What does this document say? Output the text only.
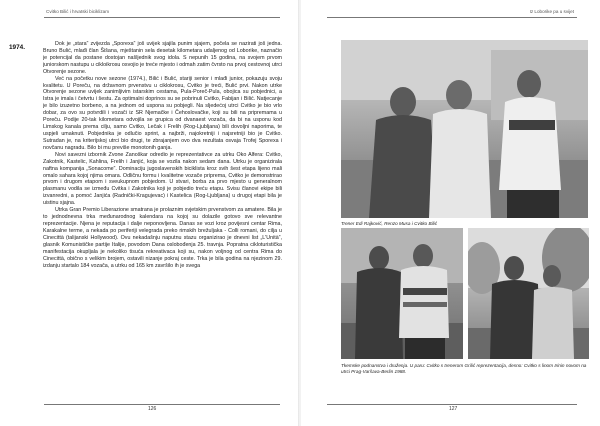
Cvitko Bilić i hrvatski biciklizam
1974.	Dok je „stara“ zvijezda „Sporexa“ još uvijek sjajila punim sjajem, počela se nazirati još jedna. Bruno Bulić, mlađi član Šišana, mještanin sela desetak kilometara udaljenog od Loborike, naznačio je potencijal da postane dostojan našljednik svog idola. S nepunih 15 godina, na svojem prvom juniorskom nastupu u cikloikrosu osvojio je treće mjesto i odmah zatim čvrsto na prvoj cestovnoj utrci Otvorenje sezone.

Već na početku nove sezone (1974.), Bilić i Bulić, stariji senior i mlađi junior, pokazuju svoju kvalitetu. U Poreču, na državnom prvenstvu u ciklokrosu, Cvitko je treći, Bulić prvi. Nakon utrke Otvorenje sezone uvijek zanimljivim istarskim cestama, Pula-Poreč-Pula, obojica su pobjednici, a Istra je imala i četvrtu i šestu. Za optimalni doprinos su se pobrinuli Cvitko, Fabijan i Bilić. Natjecanje je bilo izuzetno borbeno, a na jednom od uspona su pobjegli. Na sljedećoj utrci Cvitko je bio vrlo dobar, za ovo su potvrdili i vozači iz SR Njemačke i Čehoslovačke, koji su bili na pripremama u Poreču. Podije 20-tak kilometara odvojila se grupica od dvanaest vozača, da bi na usponu kod Limskog kanala prema cilju, samo Cvitko, Lečak i Frelih (Rog-Ljubljana) bili dovoljni naporima, te uspjeli umaknuti. Pobjednika je odlučio sprint, a najbrži, najokretniji i najsretniji bio je Cvitko. Sutradan je, na kriterijskoj utrci bio drugi, te zbrajanjem ovo dva rezultata osvaja Trofej Sporexa i novčanu nagradu. Bilo bi mu previše monotonih ganja.

Novi savezni izbornik Zvone Zanoškar odredio je reprezentativce za utrku Oko Alfera: Cvitko, Zakotnik, Kastelic, Kahlina, Frelih i Janjić, koja se vozila nakon sedam dana. Utrku je organizirala naftna kompanija „Sonacome“. Dominaciju jugoslavenskih biciklista kroz svih šest etapa lijeno mali omalo sahara kojoj njima omara. Odličnu formu i kvalitetne vozače priprema, Cvitko je demonstrirao prvom i drugom etapom i sveukupnom pobjedom. U stvari, borba za prvo mjesto u generalnom plasmanu vodila se između Cvitka i Zakotnika koji je pobjedio treću etapu. Svisu članovi ekipe bili izvanredni, a pomoć Janjića (Radnički-Kragujevac) i Kastelica (Rog-Ljubljana) u drugoj etapi bila je uistinu sjajna.

Utrka Gran Premio Liberazione smatrana je prolaznim svjetskim prvenstvom za amatere. Bila je to jednodnevna trka međunarodnog kalendara na kojoj su dolazile gotovo sve relevantne reprezentacije. Njena je reputacija i dalje neponovljena. Danas se vozi kroz povijesni centar Rima, Karakalne terme, a nekada po periferiji velegrada preko rimskih brežuljaka - Colli romani, do cilja u Cinecittà (talijanski Hollywood). Ovu nekadašnju naputnu stazu organizirao je dnevni list „L'Unità“, glasnik Komunističke partije Italije, povodom Dana oslobođenja 25. travnja. Popratna cikloturistička manifestacija okupljala je nekoliko tisuća rekreativaca koji su, nakon voljnog od centra Rima do Cinecittà, obično s velikim brojem, ostavili nizanje pokraj ceste. Trka je bila godina na njezinom 29. izdanju startalo 184 vozača, a utrku od 165 km završilo ih je svega

126
Iz Loborike pa u svijet
Trener Edi Rajković, Renzo Musa i Cvitko Bilić
Tkemske podnanstva i druženja. U paru: Cvitko s trenerom Grilić reprezentacija, desno: Cvitko s linom Irinin novom na utrci Prag-Varšava-Berlin 1988.
127
